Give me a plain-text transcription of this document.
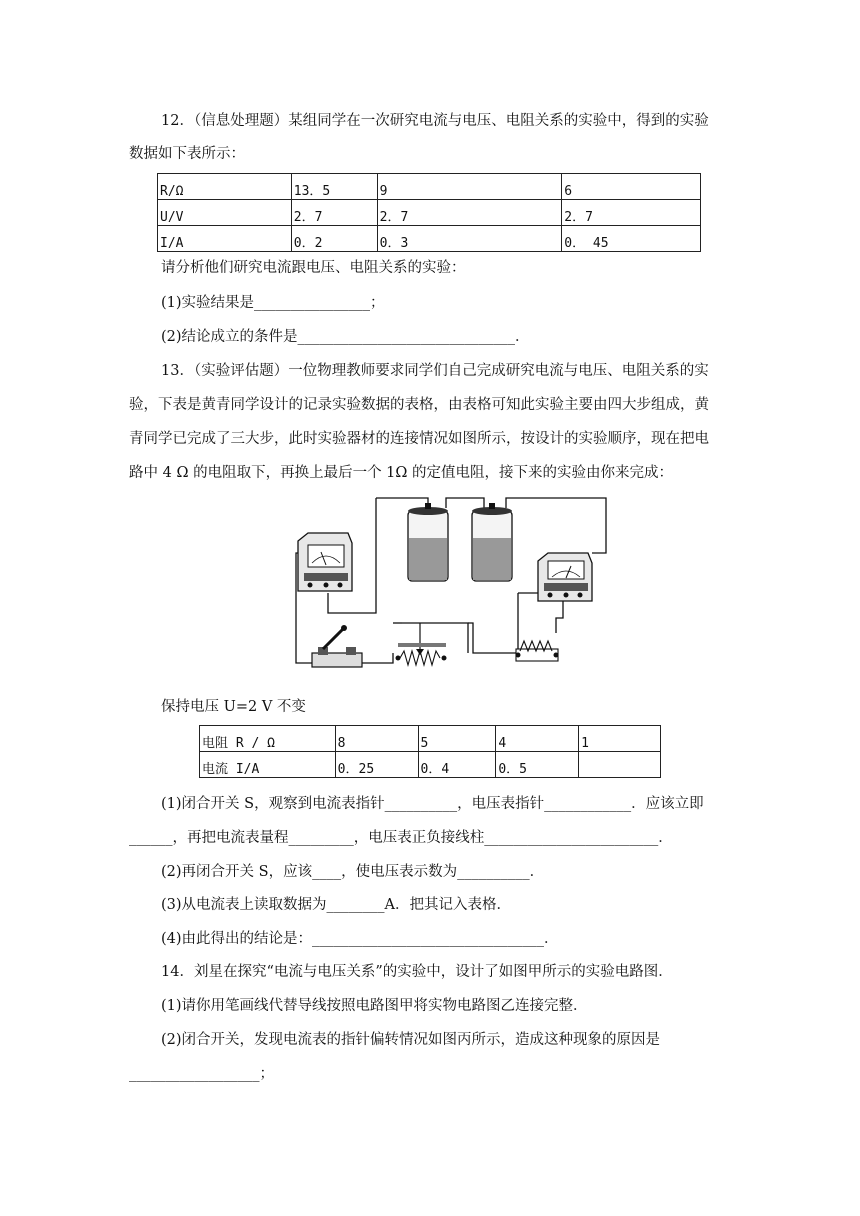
12．（信息处理题）某组同学在一次研究电流与电压、电阻关系的实验中，得到的实验
数据如下表所示：
R/Ω	13．5	9	6
U/V	2．7	2．7	2．7
I/A	0．2	0．3	0． 45
请分析他们研究电流跟电压、电阻关系的实验：
(1)实验结果是________________；
(2)结论成立的条件是______________________________．
13．（实验评估题）一位物理教师要求同学们自己完成研究电流与电压、电阻关系的实
验，下表是黄青同学设计的记录实验数据的表格，由表格可知此实验主要由四大步组成，黄
青同学已完成了三大步，此时实验器材的连接情况如图所示，按设计的实验顺序，现在把电
路中 4 Ω 的电阻取下，再换上最后一个 1Ω 的定值电阻，接下来的实验由你来完成：
保持电压 U=2 V 不变
电阻 R / Ω	8	5	4	1
电流 I/A	0．25	0．4	0．5	
(1)闭合开关 S，观察到电流表指针__________，电压表指针____________．应该立即
______，再把电流表量程_________，电压表正负接线柱________________________．
(2)再闭合开关 S，应该____，使电压表示数为__________．
(3)从电流表上读取数据为________A．把其记入表格．
(4)由此得出的结论是：________________________________．
14．刘星在探究“电流与电压关系”的实验中，设计了如图甲所示的实验电路图．
(1)请你用笔画线代替导线按照电路图甲将实物电路图乙连接完整．
(2)闭合开关，发现电流表的指针偏转情况如图丙所示，造成这种现象的原因是
__________________；
